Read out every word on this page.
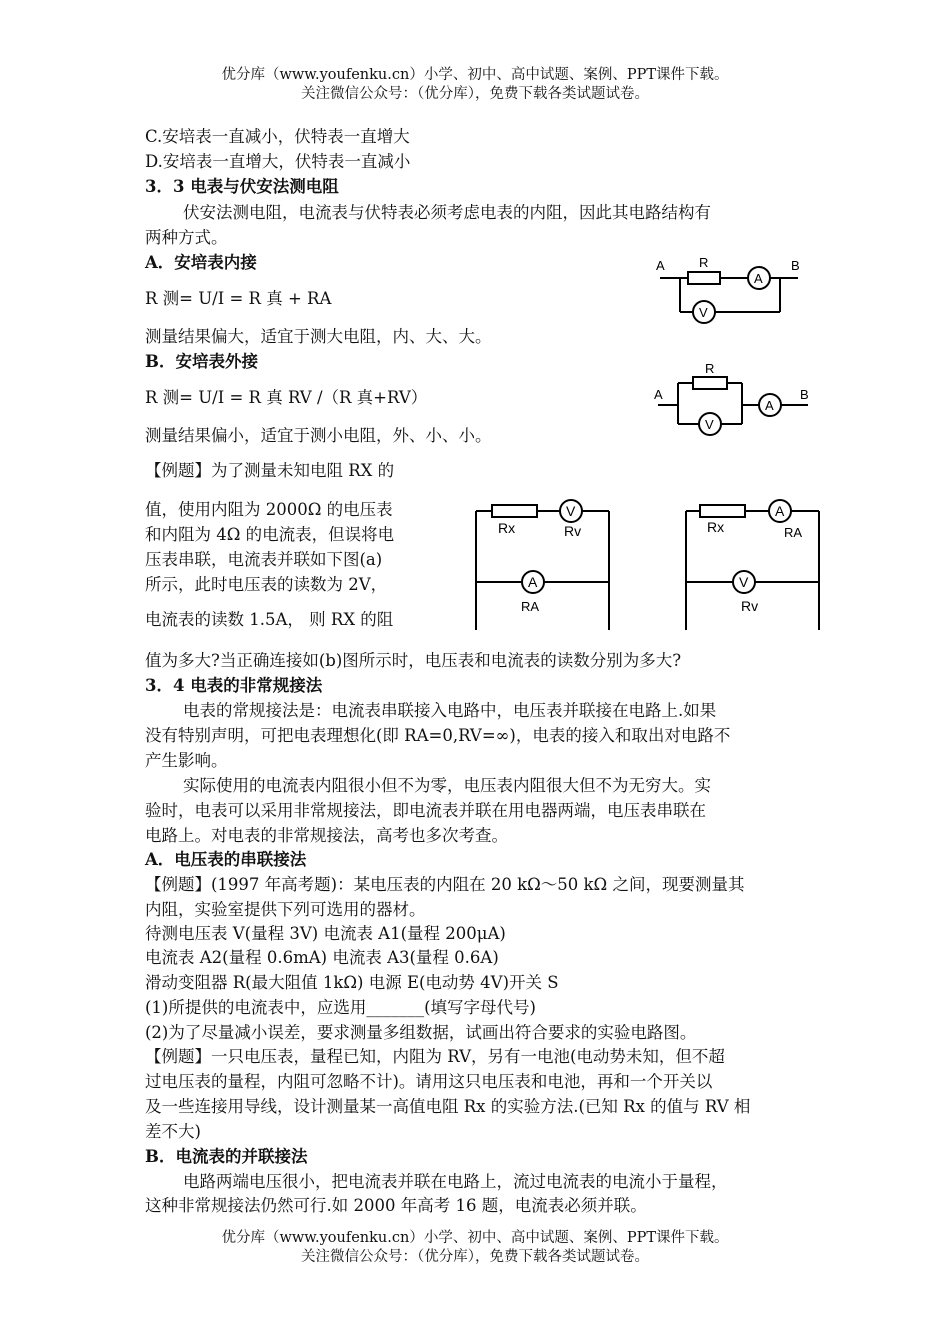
优分库（www.youfenku.cn）小学、初中、高中试题、案例、PPT课件下载。
关注微信公众号：（优分库），免费下载各类试题试卷。
C.安培表一直减小，伏特表一直增大
D.安培表一直增大，伏特表一直减小
3．3 电表与伏安法测电阻
伏安法测电阻，电流表与伏特表必须考虑电表的内阻，因此其电路结构有
两种方式。
A．安培表内接
R 测= U/I = R 真 + RA
测量结果偏大，适宜于测大电阻，内、大、大。
B．安培表外接
R 测= U/I = R 真 RV /（R 真+RV）
测量结果偏小，适宜于测小电阻，外、小、小。
【例题】为了测量未知电阻 RX 的
值，使用内阻为 2000Ω 的电压表
和内阻为 4Ω 的电流表，但误将电
压表串联，电流表并联如下图(a)
所示，此时电压表的读数为 2V，
电流表的读数 1.5A， 则 RX 的阻
值为多大?当正确连接如(b)图所示时，电压表和电流表的读数分别为多大?
3．4 电表的非常规接法
电表的常规接法是：电流表串联接入电路中，电压表并联接在电路上.如果
没有特别声明，可把电表理想化(即 RA=0,RV=∞)，电表的接入和取出对电路不
产生影响。
实际使用的电流表内阻很小但不为零，电压表内阻很大但不为无穷大。实
验时，电表可以采用非常规接法，即电流表并联在用电器两端，电压表串联在
电路上。对电表的非常规接法，高考也多次考查。
A．电压表的串联接法
【例题】(1997 年高考题)：某电压表的内阻在 20 kΩ～50 kΩ 之间，现要测量其
内阻，实验室提供下列可选用的器材。
待测电压表 V(量程 3V) 电流表 A1(量程 200μA)
电流表 A2(量程 0.6mA) 电流表 A3(量程 0.6A)
滑动变阻器 R(最大阻值 1kΩ) 电源 E(电动势 4V)开关 S
(1)所提供的电流表中，应选用_______(填写字母代号)
(2)为了尽量减小误差，要求测量多组数据，试画出符合要求的实验电路图。
【例题】一只电压表，量程已知，内阻为 RV，另有一电池(电动势未知，但不超
过电压表的量程，内阻可忽略不计)。请用这只电压表和电池，再和一个开关以
及一些连接用导线，设计测量某一高值电阻 Rx 的实验方法.(已知 Rx 的值与 RV 相
差不大)
B．电流表的并联接法
电路两端电压很小，把电流表并联在电路上，流过电流表的电流小于量程，
这种非常规接法仍然可行.如 2000 年高考 16 题，电流表必须并联。
优分库（www.youfenku.cn）小学、初中、高中试题、案例、PPT课件下载。
关注微信公众号：（优分库），免费下载各类试题试卷。
A	B
R
A
V
A	B
R
A
V
V
A
Rx	Rv
RA
A
V
Rx	RA
Rv
